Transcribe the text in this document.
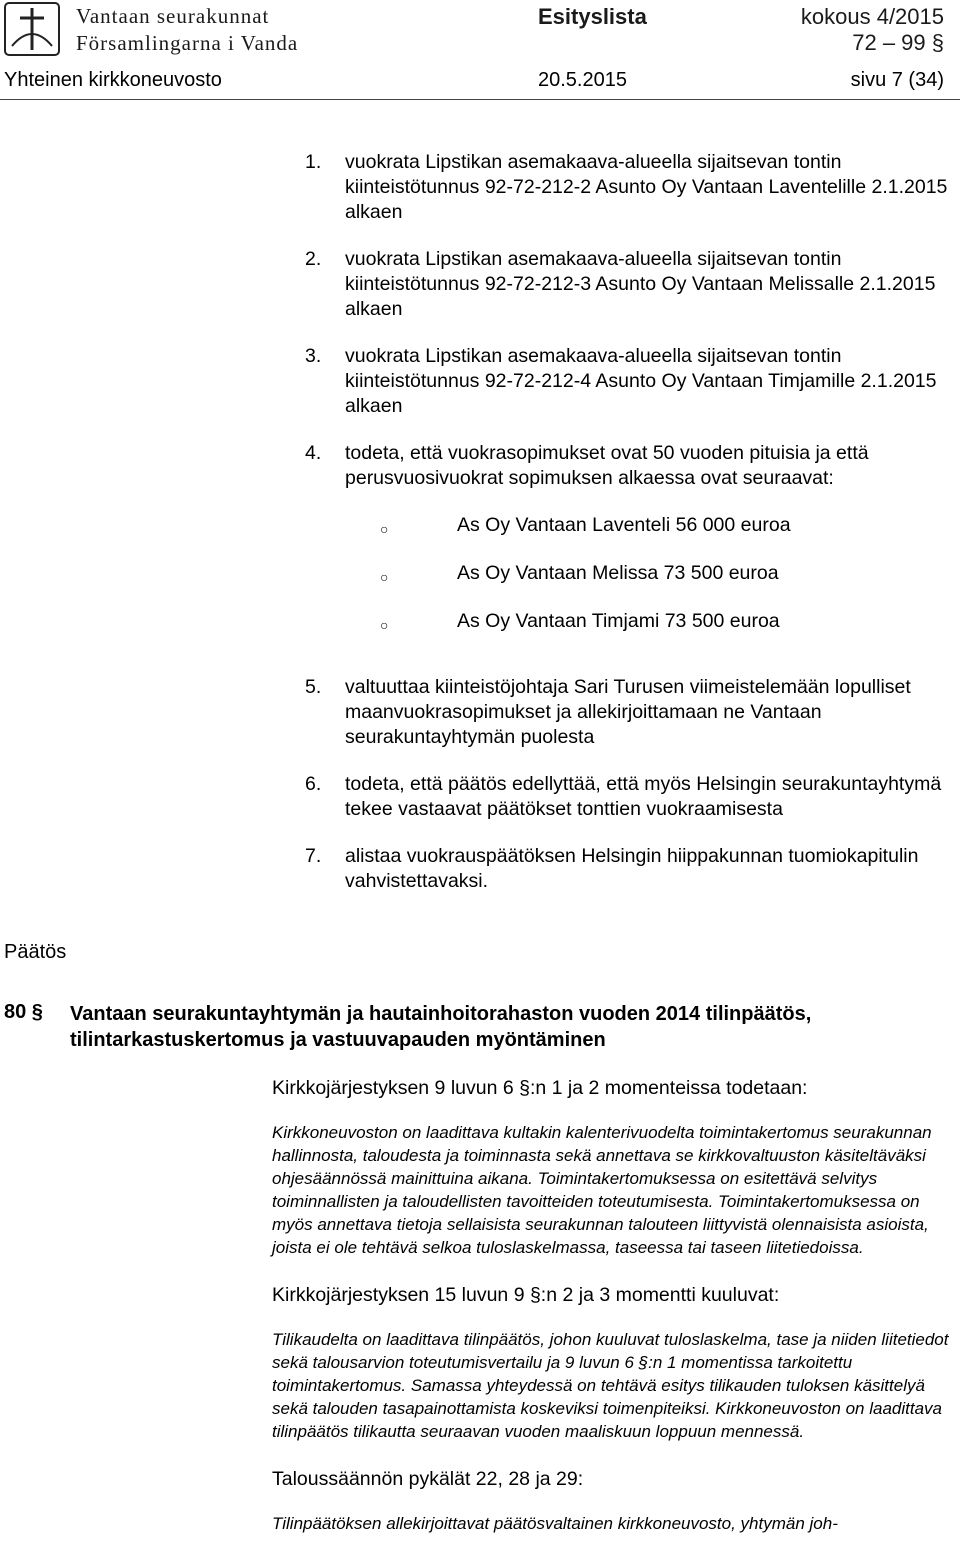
Vantaan seurakunnat
Församlingarna i Vanda
Esityslista	kokous 4/2015
72 – 99 §
Yhteinen kirkkoneuvosto	20.5.2015	sivu 7 (34)
1. vuokrata Lipstikan asemakaava-alueella sijaitsevan tontin kiinteistötunnus 92-72-212-2 Asunto Oy Vantaan Laventelille 2.1.2015 alkaen
2. vuokrata Lipstikan asemakaava-alueella sijaitsevan tontin kiinteistötunnus 92-72-212-3 Asunto Oy Vantaan Melissalle 2.1.2015 alkaen
3. vuokrata Lipstikan asemakaava-alueella sijaitsevan tontin kiinteistötunnus 92-72-212-4 Asunto Oy Vantaan Timjamille 2.1.2015 alkaen
4. todeta, että vuokrasopimukset ovat 50 vuoden pituisia ja että perusvuosivuokrat sopimuksen alkaessa ovat seuraavat:
○	As Oy Vantaan Laventeli 56 000 euroa
○	As Oy Vantaan Melissa 73 500 euroa
○	As Oy Vantaan Timjami 73 500 euroa
5. valtuuttaa kiinteistöjohtaja Sari Turusen viimeistelemään lopulliset maanvuokrasopimukset ja allekirjoittamaan ne Vantaan seurakuntayhtymän puolesta
6. todeta, että päätös edellyttää, että myös Helsingin seurakuntayhtymä tekee vastaavat päätökset tonttien vuokraamisesta
7. alistaa vuokrauspäätöksen Helsingin hiippakunnan tuomiokapitulin vahvistettavaksi.
Päätös
80 § Vantaan seurakuntayhtymän ja hautainhoitorahaston vuoden 2014 tilinpäätös, tilintarkastuskertomus ja vastuuvapauden myöntäminen

Kirkkojärjestyksen 9 luvun 6 §:n 1 ja 2 momenteissa todetaan:

Kirkkoneuvoston on laadittava kultakin kalenterivuodelta toimintakertomus seurakunnan hallinnosta, taloudesta ja toiminnasta sekä annettava se kirkkovaltuuston käsiteltäväksi ohjesäännössä mainittuina aikana. Toimintakertomuksessa on esitettävä selvitys toiminnallisten ja taloudellisten tavoitteiden toteutumisesta. Toimintakertomuksessa on myös annettava tietoja sellaisista seurakunnan talouteen liittyvistä olennaisista asioista, joista ei ole tehtävä selkoa tuloslaskelmassa, taseessa tai taseen liitetiedoissa.

Kirkkojärjestyksen 15 luvun 9 §:n 2 ja 3 momentti kuuluvat:

Tilikaudelta on laadittava tilinpäätös, johon kuuluvat tuloslaskelma, tase ja niiden liitetiedot sekä talousarvion toteutumisvertailu ja 9 luvun 6 §:n 1 momentissa tarkoitettu toimintakertomus. Samassa yhteydessä on tehtävä esitys tilikauden tuloksen käsittelyä sekä talouden tasapainottamista koskeviksi toimenpiteiksi. Kirkkoneuvoston on laadittava tilinpäätös tilikautta seuraavan vuoden maaliskuun loppuun mennessä.

Taloussäännön pykälät 22, 28 ja 29:

Tilinpäätöksen allekirjoittavat päätösvaltainen kirkkoneuvosto, yhtymän joh-
